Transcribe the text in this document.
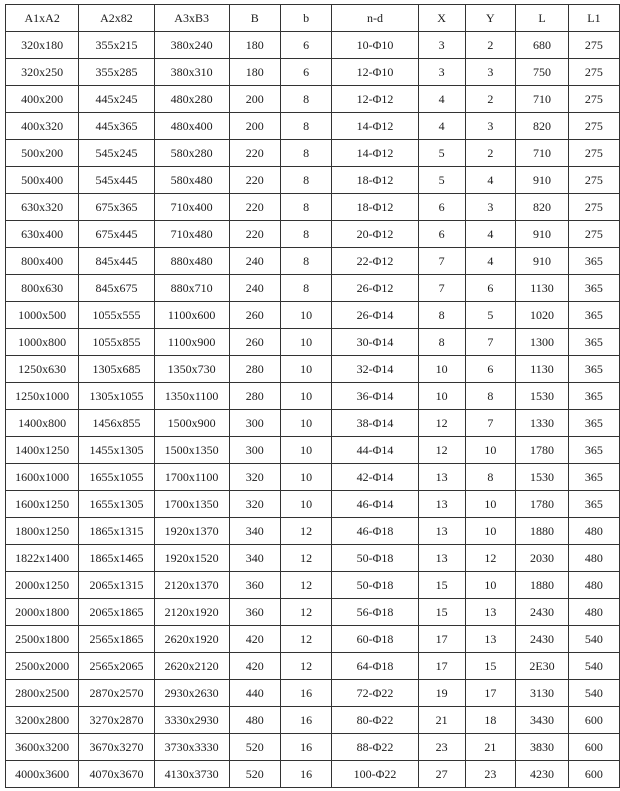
A1xA2	A2x82	A3xB3	B	b	n-d	X	Y	L	L1
320x180	355x215	380x240	180	6	10-Φ10	3	2	680	275
320x250	355x285	380x310	180	6	12-Φ10	3	3	750	275
400x200	445x245	480x280	200	8	12-Φ12	4	2	710	275
400x320	445x365	480x400	200	8	14-Φ12	4	3	820	275
500x200	545x245	580x280	220	8	14-Φ12	5	2	710	275
500x400	545x445	580x480	220	8	18-Φ12	5	4	910	275
630x320	675x365	710x400	220	8	18-Φ12	6	3	820	275
630x400	675x445	710x480	220	8	20-Φ12	6	4	910	275
800x400	845x445	880x480	240	8	22-Φ12	7	4	910	365
800x630	845x675	880x710	240	8	26-Φ12	7	6	1130	365
1000x500	1055x555	1100x600	260	10	26-Φ14	8	5	1020	365
1000x800	1055x855	1100x900	260	10	30-Φ14	8	7	1300	365
1250x630	1305x685	1350x730	280	10	32-Φ14	10	6	1130	365
1250x1000	1305x1055	1350x1100	280	10	36-Φ14	10	8	1530	365
1400x800	1456x855	1500x900	300	10	38-Φ14	12	7	1330	365
1400x1250	1455x1305	1500x1350	300	10	44-Φ14	12	10	1780	365
1600x1000	1655x1055	1700x1100	320	10	42-Φ14	13	8	1530	365
1600x1250	1655x1305	1700x1350	320	10	46-Φ14	13	10	1780	365
1800x1250	1865x1315	1920x1370	340	12	46-Φ18	13	10	1880	480
1822x1400	1865x1465	1920x1520	340	12	50-Φ18	13	12	2030	480
2000x1250	2065x1315	2120x1370	360	12	50-Φ18	15	10	1880	480
2000x1800	2065x1865	2120x1920	360	12	56-Φ18	15	13	2430	480
2500x1800	2565x1865	2620x1920	420	12	60-Φ18	17	13	2430	540
2500x2000	2565x2065	2620x2120	420	12	64-Φ18	17	15	2E30	540
2800x2500	2870x2570	2930x2630	440	16	72-Φ22	19	17	3130	540
3200x2800	3270x2870	3330x2930	480	16	80-Φ22	21	18	3430	600
3600x3200	3670x3270	3730x3330	520	16	88-Φ22	23	21	3830	600
4000x3600	4070x3670	4130x3730	520	16	100-Φ22	27	23	4230	600
